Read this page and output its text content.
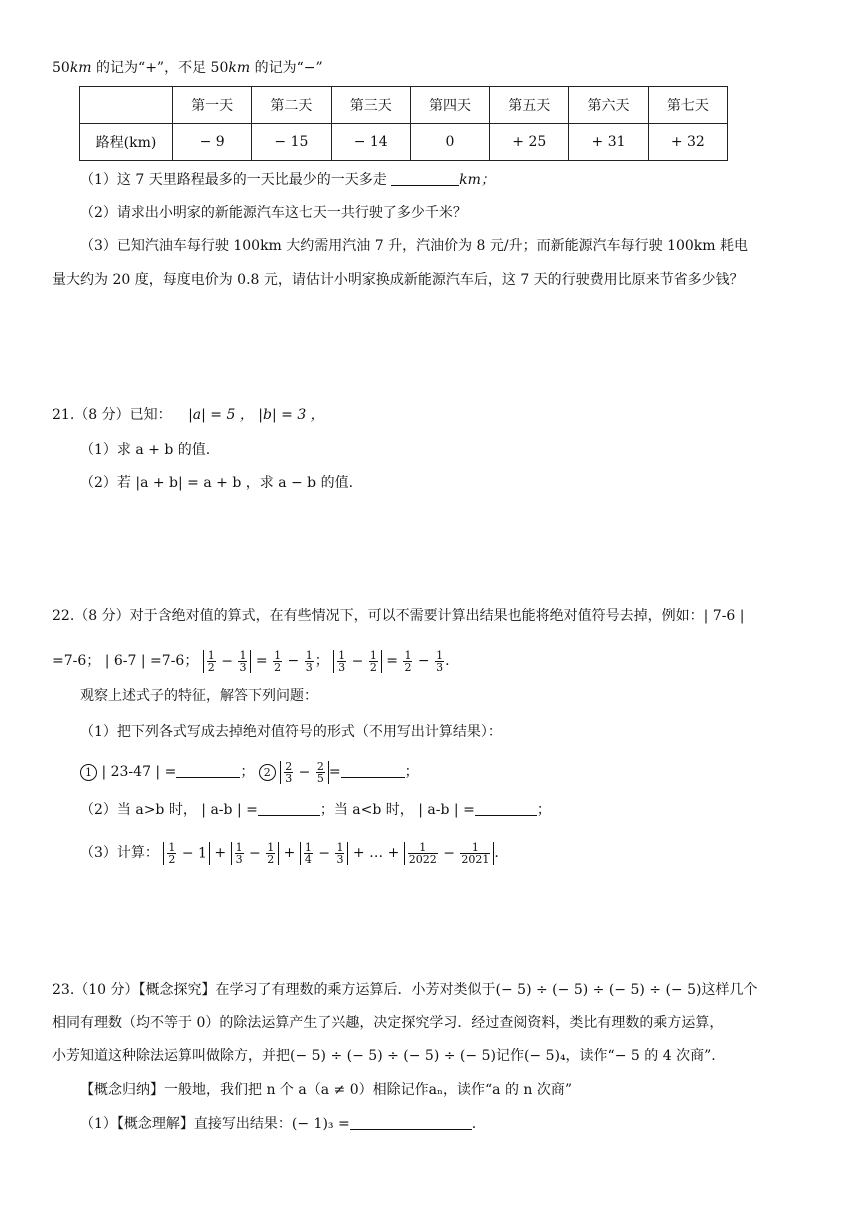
50km 的记为“+”，不足 50km 的记为“−”
	第一天	第二天	第三天	第四天	第五天	第六天	第七天
路程(km)	− 9	− 15	− 14	0	+ 25	+ 31	+ 32
（1）这 7 天里路程最多的一天比最少的一天多走	km；
（2）请求出小明家的新能源汽车这七天一共行驶了多少千米？
（3）已知汽油车每行驶 100km 大约需用汽油 7 升，汽油价为 8 元/升；而新能源汽车每行驶 100km 耗电
量大约为 20 度，每度电价为 0.8 元，请估计小明家换成新能源汽车后，这 7 天的行驶费用比原来节省多少钱？
21.（8 分）已知： |a| = 5 ， |b| = 3 ，
（1）求 a + b 的值.
（2）若 |a + b| = a + b ，求 a − b 的值.
22.（8 分）对于含绝对值的算式，在有些情况下，可以不需要计算出结果也能将绝对值符号去掉，例如：| 7-6 |
=7-6； | 6-7 | =7-6； $\frac{1}{2} - \frac{1}{3} = \frac{1}{2} - \frac{1}{3}$ ； $\frac{1}{3} - \frac{1}{2} = \frac{1}{2} - \frac{1}{3}$ .
观察上述式子的特征，解答下列问题：
（1）把下列各式写成去掉绝对值符号的形式（不用写出计算结果）：
1 | 23-47 | =	； $2 \frac{2}{3} - \frac{2}{5}$ =	；
（2）当 a>b 时， | a-b | =	；当 a<b 时， | a-b | =	；
（3）计算： $\frac{1}{2} - 1 + \frac{1}{3} - \frac{1}{2} + \frac{1}{4} - \frac{1}{3}$ + … + $\frac{1}{2022} - \frac{1}{2021}$ .
23.（10 分）【概念探究】在学习了有理数的乘方运算后．小芳对类似于(− 5) ÷ (− 5) ÷ (− 5) ÷ (− 5)这样几个
相同有理数（均不等于 0）的除法运算产生了兴趣，决定探究学习．经过查阅资料，类比有理数的乘方运算，
小芳知道这种除法运算叫做除方，并把(− 5) ÷ (− 5) ÷ (− 5) ÷ (− 5)记作(− 5)₄，读作“− 5 的 4 次商”.
【概念归纳】一般地，我们把 n 个 a（a ≠ 0）相除记作aₙ，读作“a 的 n 次商”
（1）【概念理解】直接写出结果：(− 1)₃ =	.
